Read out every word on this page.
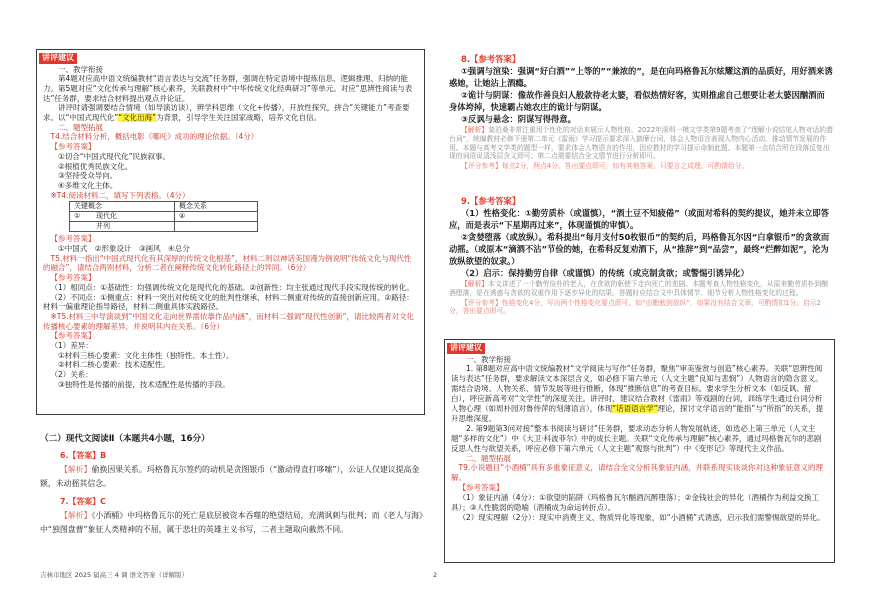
讲评建议
一、教学衔接

第4题对应高中语文统编教材“语言表达与交流”任务群，强调在特定语境中提炼信息、逻辑推理、归纳的能力。第5题对应“文化传承与理解”核心素养，关联教材中“中华传统文化经典研习”等单元。对应“思辨性阅读与表达”任务群，要求结合材料提出观点并论证。

讲评时请强调要结合情境（如导演访谈），辨学科思维（文化+传播），开放性探究，拼合“关键能力”考查要求。以“中国式现代化”“文化出海”为背景，引导学生关注国家战略，培养文化自信。

二、题型拓展

T4.结合材料分析，概括电影《哪吒》成功的理论依据。（4分）

【参考答案】

①切合“中国式现代化”民族叙事。

②根植优秀民族文化。

③坚持受众导向。

④多维文化主体。

※T4.阅读材料二，填写下列表格。（4分）

关键概念	概念关系
① 现代化	④
并列	

【参考答案】

①中国式　②形象设计　③画风　④总分

T5.材料一指出“中国式现代化有其深厚的传统文化根基”，材料二则以神话美国漫为例说明“传统文化与现代性的融合”，请结合两则材料，分析二者在阐释传统文化转化路径上的异同。（6分）

【参考答案】

（1）相同点：①基础性：均强调传统文化是现代化的基础。②创新性：均主张通过现代手段实现传统的转化。

（2）不同点：①侧重点：材料一突出对传统文化的批判性继承，材料二侧重对传统的直接创新应用。②路径：材料一偏重理论指导路径，材料二侧重具体实践路径。

※T5.材料三中导演谈到“中国文化走向世界需依靠作品内涵”，而材料二强调“现代性创新”，请比较两者对文化传播核心要素的理解差异，并说明其内在关系。（6分）

【参考答案】

（1）差异：

①材料三核心要素：文化主体性（独特性、本土性）。

②材料二核心要素：技术适配性。

（2）关系：

③独特性是传播的前提，技术适配性是传播的手段。

（二）现代文阅读Ⅱ（本题共4小题，16分）
6.【答案】B

【解析】偷换因果关系。玛格鲁瓦尔签约的动机是贪图银币（“激动得直打哆嗦”），公证人仅建议提高金额，未动摇其信念。

7.【答案】C

【解析】《小酒桶》中玛格鲁瓦尔的死亡是底层被资本吞噬的绝望结局，充满讽刺与批判；而《老人与海》中“独图盘曹”象征人类精神的不屈，属于悲壮的英雄主义书写，二者主题取向截然不同。

8.【参考答案】

①强调与渲染：强调“好白酒”“上等的”“兼浓的”，是在向玛格鲁瓦尔炫耀这酒的品质好，用好酒来诱惑她，让她沾上酒瘾。

②诡计与阴谋：像故作善良妇人般款待老太婆，看似热情好客，实则推虑自己想要让老太婆因酗酒而身体垮掉，快速霸占她农庄的诡计与阴谋。

③反讽与悬念：阴谋写得得意。

【解析】莫泊桑非常注重用个性化的对话来展示人物性格。2022年深圳一模文学类第9题考查了“理解小说结尾人物对话的潜台词”，统编教材必修下册第二单元《雷雨》学习提示要求深入揣摩台词，体会人物语言表现人物内心活动、推动情节发展的作用。本题与高考文学类的题型一样，要求体会人物语言的作用，因应教材的学习提示命制此题。本题第一点结合所在段落反复出现的词语说清浅层含义即可；第二点需要结合全文情节进行分析即可。

【评分参考】每点2分，两点4分。答出要点即可，如有其他答案，只要言之成理，可酌情给分。

9.【参考答案】

（1）性格变化：①勤劳质朴（或谨慎），“酒土豆不知疲倦”（或面对希科的契约提议，她并未立即答应，而是表示“下星期再过来”，体现谨慎的审慎）。

②贪婪堕落（或放纵）。希科提出“每月支付50枚银币”的契约后，玛格鲁瓦尔因“白拿银币”的贪欲而动摇。（或原本“滴酒不沾”节俭的她，在希科反复劝酒下，从“推辞”到“品尝”，最终“烂醉如泥”，沦为放纵欲望的奴隶。）

（2）启示：保持勤劳自律（或谨慎）的传统（或克制贪欲；或警惕引诱异化）

【解析】本文讲述了一个勤劳俭朴的老人，在贪欲的驱使下走向死亡的悲剧。本题考查人物性格变化，从原来勤劳质朴到酗酒堕落，是在诱惑与贪欲的双重作用下逐步异化的结果。答题时应结合文中具体情节、细节分析人物性格变化的过程。

【评分参考】性格变化4分，写出两个性格变化要点即可。如“由勤勉到放纵”，如果没有结合文章，可酌情扣1分。启示2分，答出要点即可。

讲评建议
一、教学衔接

1. 第8题对应高中语文统编教材“文学阅读与写作”任务群，聚焦“审美鉴赏与创造”核心素养。关联“思辨性阅读与表达”任务群，要求解读文本深层含义，如必修下第六单元（人文主题“良知与悲悯”）人物语言的隐含意义。需结合语境、人物关系、情节发展等进行推断，体现“推断信息”的考查目标。要求学生分析文本（如反讽、留白），呼应新高考对“文学性”的深度关注。讲评时，建议结合教材《雷雨》等戏剧的台词，训练学生通过台词分析人物心理（如周朴园对鲁侍萍的刻薄语言），体现“话语语言学”理论，探讨文学语言的“能指”与“所指”的关系，提升思维深度。

2. 第9题第3问对接“整本书阅读与研讨”任务群，要求动态分析人物发展轨迹，如选必上第三单元（人文主题“多样的文化”）中《大卫·科波菲尔》中的成长主题。关联“文化传承与理解”核心素养，通过玛格鲁瓦尔的悲剧反思人性与欲望关系，呼应必修下第六单元（人文主题“观察与批判”）中《变形记》等现代主义作品。

二、题型拓展

T9.小说题目“小酒桶”具有多重象征意义，请结合全文分析其象征内涵，并联系现实谈谈你对这种象征意义的理解。

【参考答案】

（1）象征内涵（4分）：①欲望的陷阱（玛格鲁瓦尔酗酒沉醉堕落）；②金钱社会的异化（酒桶作为利益交换工具）；③人性脆弱的隐喻（酒桶成为命运转折点）。

（2）现实理解（2分）：现实中消费主义、物质异化等现象，如“小酒桶”式诱惑，启示我们需警惕欲望的异化。

吉林市地区 2025 届高三 4 调 语文答案（详解版）	2
